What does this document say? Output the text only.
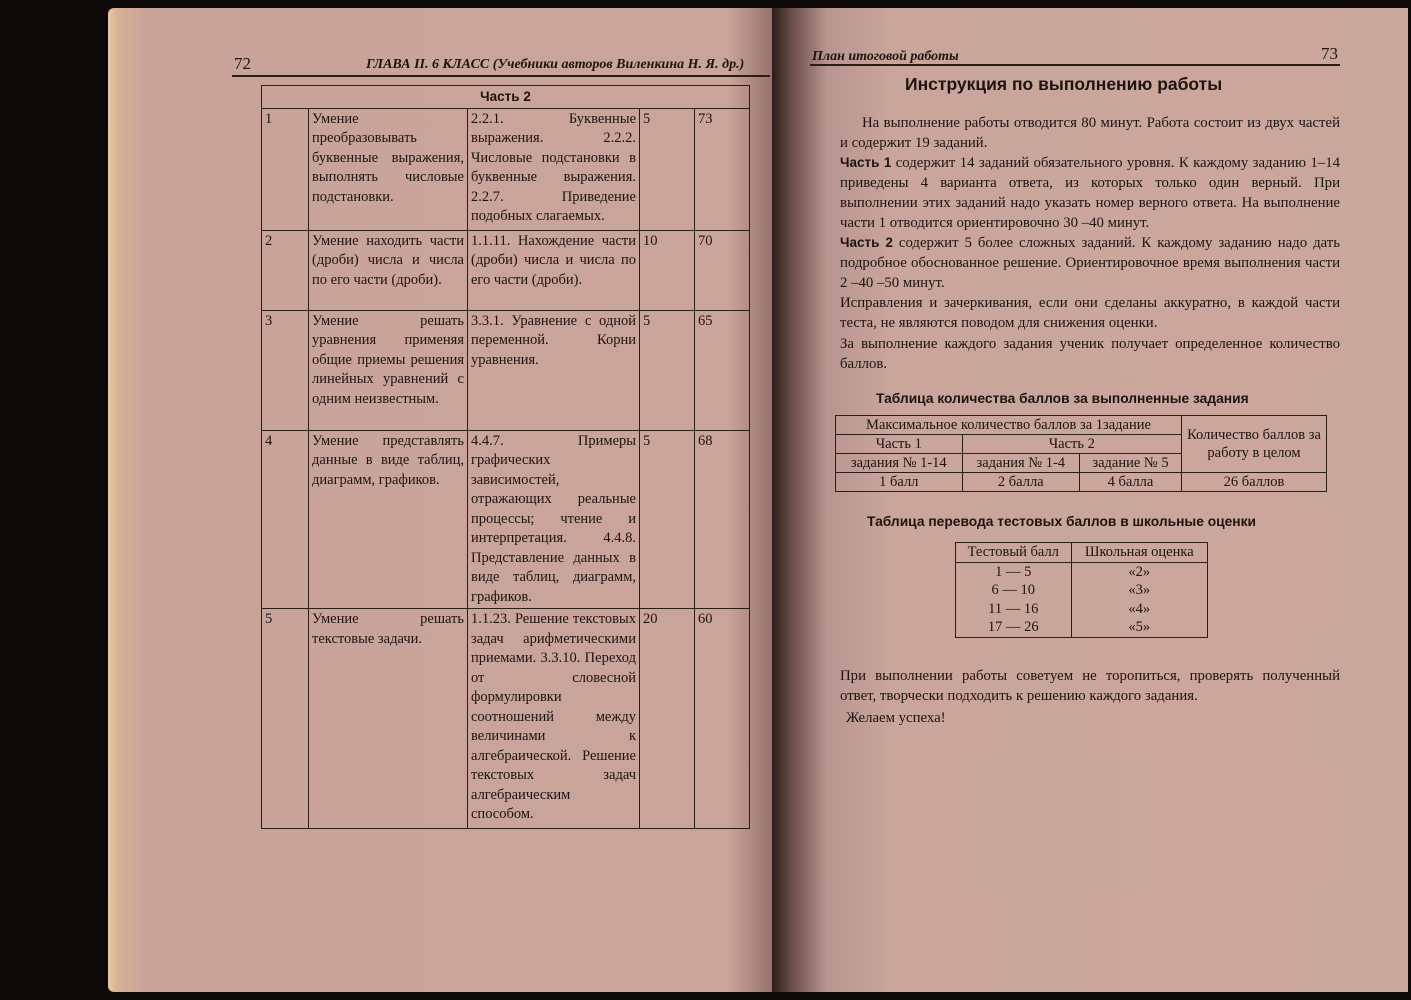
72	ГЛАВА II. 6 КЛАСС (Учебники авторов Виленкина Н. Я. др.)
Часть 2				
1	Умение преобразовывать буквенные выражения, выполнять числовые подстановки.	2.2.1. Буквенные выражения. 2.2.2. Числовые подстановки в буквенные выражения. 2.2.7. Приведение подобных слагаемых.	5	73
2	Умение находить части (дроби) числа и числа по его части (дроби).	1.1.11. Нахождение части (дроби) числа и числа по его части (дроби).	10	70
3	Умение решать уравнения применяя общие приемы решения линейных уравнений с одним неизвестным.	3.3.1. Уравнение с одной переменной. Корни уравнения.	5	65
4	Умение представлять данные в виде таблиц, диаграмм, графиков.	4.4.7. Примеры графических зависимостей, отражающих реальные процессы; чтение и интерпретация. 4.4.8. Представление данных в виде таблиц, диаграмм, графиков.	5	68
5	Умение решать текстовые задачи.	1.1.23. Решение текстовых задач арифметическими приемами. 3.3.10. Переход от словесной формулировки соотношений между величинами к алгебраической. Решение текстовых задач алгебраическим способом.	20	60
План итоговой работы	73
Инструкция по выполнению работы
На выполнение работы отводится 80 минут. Работа состоит из двух частей и содержит 19 заданий.
Часть 1 содержит 14 заданий обязательного уровня. К каждому заданию 1–14 приведены 4 варианта ответа, из которых только один верный. При выполнении этих заданий надо указать номер верного ответа. На выполнение части 1 отводится ориентировочно 30 –40 минут.
Часть 2 содержит 5 более сложных заданий. К каждому заданию надо дать подробное обоснованное решение. Ориентировочное время выполнения части 2 –40 –50 минут.
Исправления и зачеркивания, если они сделаны аккуратно, в каждой части теста, не являются поводом для снижения оценки.
За выполнение каждого задания ученик получает определенное количество баллов.
Таблица количества баллов за выполненные задания
Максимальное количество баллов за 1задание			Количество баллов за работу в целом
Часть 1	Часть 2		
задания № 1-14	задания № 1-4	задание № 5	
1 балл	2 балла	4 балла	26 баллов
Таблица перевода тестовых баллов в школьные оценки
Тестовый балл	Школьная оценка
1 — 5	«2»
6 — 10	«3»
11 — 16	«4»
17 — 26	«5»
При выполнении работы советуем не торопиться, проверять полученный ответ, творчески подходить к решению каждого задания.
Желаем успеха!
